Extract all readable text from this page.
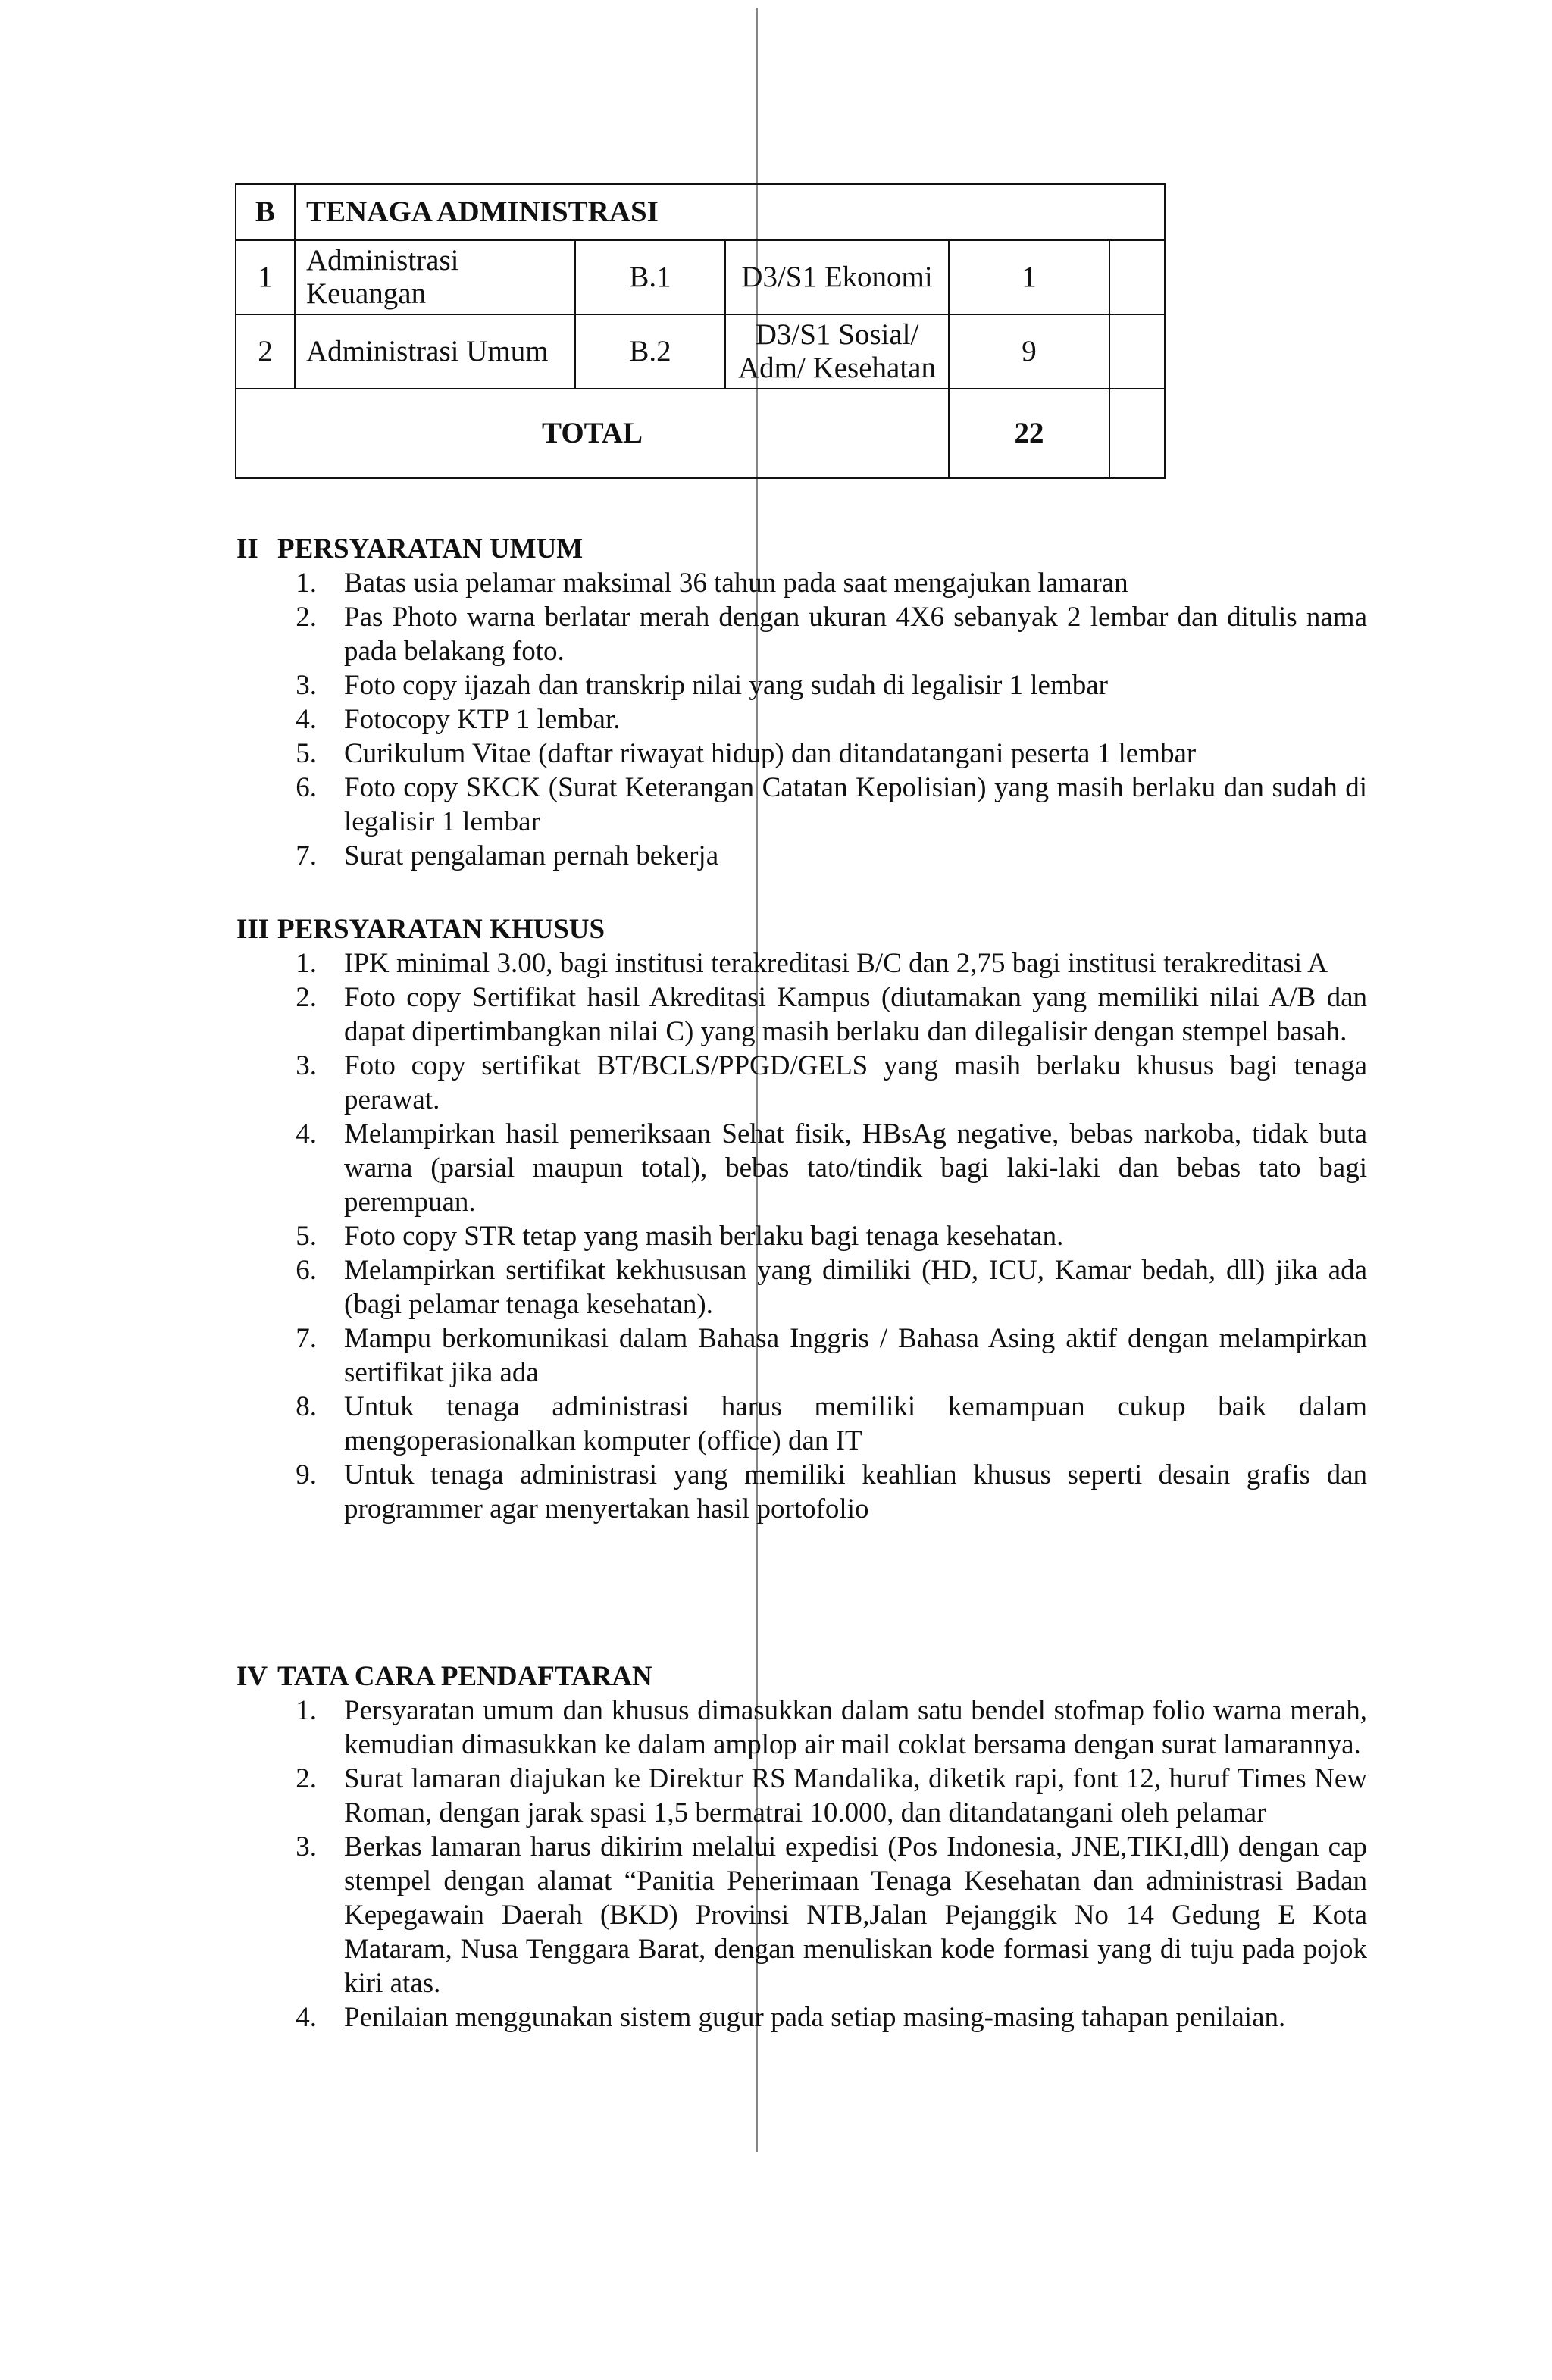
B	TENAGA ADMINISTRASI				
1	Administrasi Keuangan	B.1	D3/S1 Ekonomi	1	
2	Administrasi Umum	B.2	D3/S1 Sosial/ Adm/ Kesehatan	9	
TOTAL				22	
II PERSYARATAN UMUM
1. Batas usia pelamar maksimal 36 tahun pada saat mengajukan lamaran
2. Pas Photo warna berlatar merah dengan ukuran 4X6 sebanyak 2 lembar dan ditulis nama pada belakang foto.
3. Foto copy ijazah dan transkrip nilai yang sudah di legalisir 1 lembar
4. Fotocopy KTP 1 lembar.
5. Curikulum Vitae (daftar riwayat hidup) dan ditandatangani peserta 1 lembar
6. Foto copy SKCK (Surat Keterangan Catatan Kepolisian) yang masih berlaku dan sudah di legalisir 1 lembar
7. Surat pengalaman pernah bekerja
III PERSYARATAN KHUSUS
1. IPK minimal 3.00, bagi institusi terakreditasi B/C dan 2,75 bagi institusi terakreditasi A
2. Foto copy Sertifikat hasil Akreditasi Kampus (diutamakan yang memiliki nilai A/B dan dapat dipertimbangkan nilai C) yang masih berlaku dan dilegalisir dengan stempel basah.
3. Foto copy sertifikat BT/BCLS/PPGD/GELS yang masih berlaku khusus bagi tenaga perawat.
4. Melampirkan hasil pemeriksaan Sehat fisik, HBsAg negative, bebas narkoba, tidak buta warna (parsial maupun total), bebas tato/tindik bagi laki-laki dan bebas tato bagi perempuan.
5. Foto copy STR tetap yang masih berlaku bagi tenaga kesehatan.
6. Melampirkan sertifikat kekhususan yang dimiliki (HD, ICU, Kamar bedah, dll) jika ada (bagi pelamar tenaga kesehatan).
7. Mampu berkomunikasi dalam Bahasa Inggris / Bahasa Asing aktif dengan melampirkan sertifikat jika ada
8. Untuk tenaga administrasi harus memiliki kemampuan cukup baik dalam mengoperasionalkan komputer (office) dan IT
9. Untuk tenaga administrasi yang memiliki keahlian khusus seperti desain grafis dan programmer agar menyertakan hasil portofolio
IV TATA CARA PENDAFTARAN
1. Persyaratan umum dan khusus dimasukkan dalam satu bendel stofmap folio warna merah, kemudian dimasukkan ke dalam amplop air mail coklat bersama dengan surat lamarannya.
2. Surat lamaran diajukan ke Direktur RS Mandalika, diketik rapi, font 12, huruf Times New Roman, dengan jarak spasi 1,5 bermatrai 10.000, dan ditandatangani oleh pelamar
3. Berkas lamaran harus dikirim melalui expedisi (Pos Indonesia, JNE,TIKI,dll) dengan cap stempel dengan alamat “Panitia Penerimaan Tenaga Kesehatan dan administrasi Badan Kepegawain Daerah (BKD) Provinsi NTB,Jalan Pejanggik No 14 Gedung E Kota Mataram, Nusa Tenggara Barat, dengan menuliskan kode formasi yang di tuju pada pojok kiri atas.
4. Penilaian menggunakan sistem gugur pada setiap masing-masing tahapan penilaian.
